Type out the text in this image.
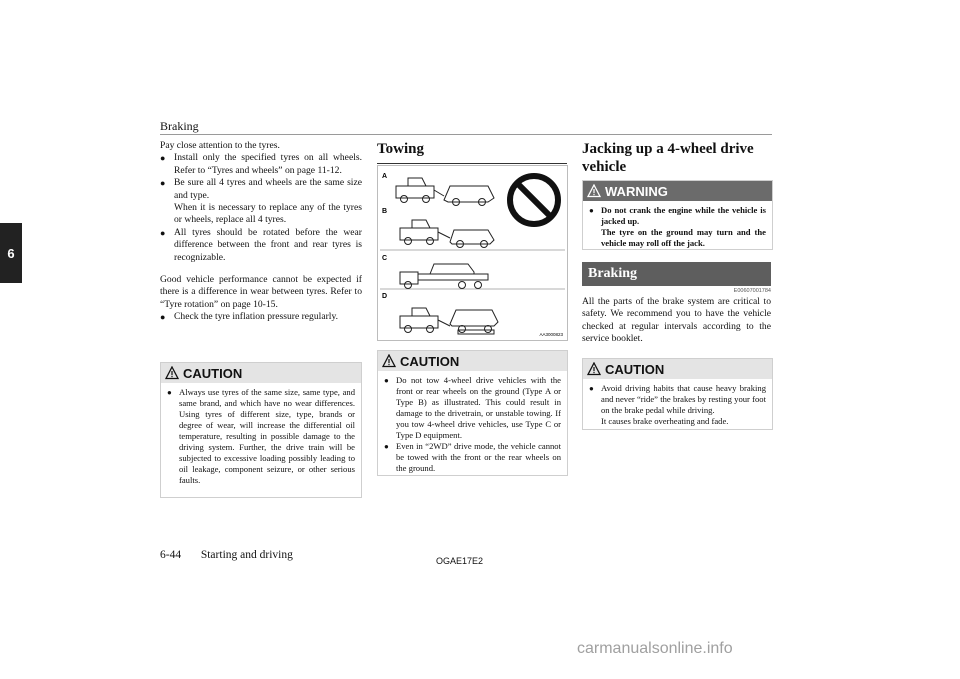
Braking
6

Pay close attention to the tyres.

● Install only the specified tyres on all wheels. Refer to “Tyres and wheels” on page 11-12.
● Be sure all 4 tyres and wheels are the same size and type.
When it is necessary to replace any of the tyres or wheels, replace all 4 tyres.
● All tyres should be rotated before the wear difference between the front and rear tyres is recognizable.

Good vehicle performance cannot be expected if there is a difference in wear between tyres. Refer to “Tyre rotation” on page 10-15.

● Check the tyre inflation pressure regularly.
CAUTION
● Always use tyres of the same size, same type, and same brand, and which have no wear differences. Using tyres of different size, type, brands or degree of wear, will increase the differential oil temperature, resulting in possible damage to the driving system. Further, the drive train will be subjected to excessive loading possibly leading to oil leakage, component seizure, or other serious faults.
Towing
A
B
C
D
AA3000823
CAUTION
● Do not tow 4-wheel drive vehicles with the front or rear wheels on the ground (Type A or Type B) as illustrated. This could result in damage to the drivetrain, or unstable towing. If you tow 4-wheel drive vehicles, use Type C or Type D equipment.
● Even in “2WD” drive mode, the vehicle cannot be towed with the front or the rear wheels on the ground.
Jacking up a 4-wheel drive vehicle
WARNING
● Do not crank the engine while the vehicle is jacked up.
The tyre on the ground may turn and the vehicle may roll off the jack.
Braking
E00607001784
All the parts of the brake system are critical to safety. We recommend you to have the vehicle checked at regular intervals according to the service booklet.
CAUTION
● Avoid driving habits that cause heavy braking and never “ride” the brakes by resting your foot on the brake pedal while driving.
It causes brake overheating and fade.
6-44 Starting and driving	OGAE17E2
carmanualsonline.info
